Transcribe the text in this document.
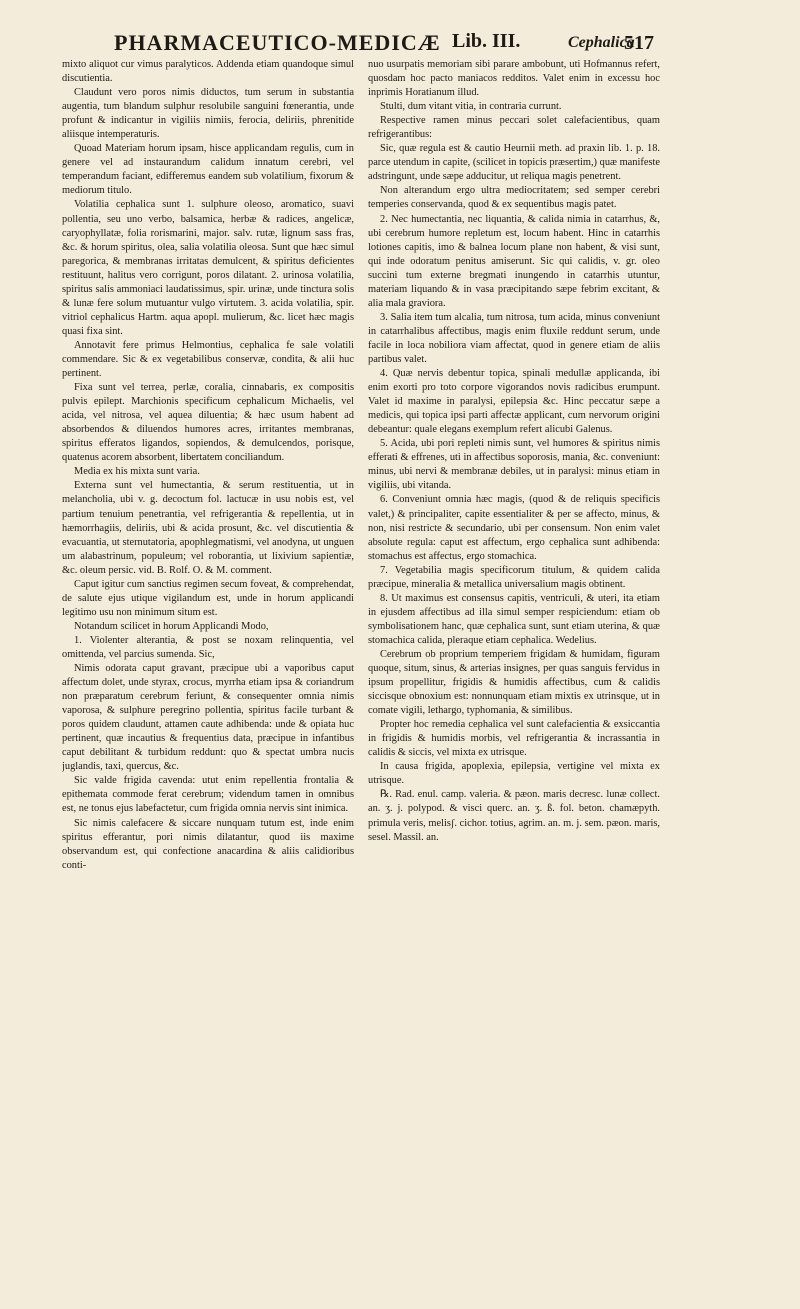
PHARMACEUTICO-MEDICÆ Lib. III.	Cephalica
517

mixto aliquot cur vimus paralyticos. Addenda etiam quandoque simul discutientia.

Claudunt vero poros nimis diductos, tum serum in substantia augentia, tum blandum sulphur resolubile sanguini fœnerantia, unde profunt & indicantur in vigiliis nimiis, ferocia, deliriis, phrenitide aliisque intemperaturis.

Quoad Materiam horum ipsam, hisce applicandam regulis, cum in genere vel ad instaurandum calidum innatum cerebri, vel temperandum faciant, edifferemus eandem sub volatilium, fixorum & mediorum titulo.

Volatilia cephalica sunt 1. sulphure oleoso, aromatico, suavi pollentia, seu uno verbo, balsamica, herbæ & radices, angelicæ, caryophyllatæ, folia rorismarini, major. salv. rutæ, lignum sass fras, &c. & horum spiritus, olea, salia volatilia oleosa. Sunt que hæc simul paregorica, & membranas irritatas demulcent, & spiritus deficientes restituunt, halitus vero corrigunt, poros dilatant. 2. urinosa volatilia, spiritus salis ammoniaci laudatissimus, spir. urinæ, unde tinctura solis & lunæ fere solum mutuantur vulgo virtutem. 3. acida volatilia, spir. vitriol cephalicus Hartm. aqua apopl. mulierum, &c. licet hæc magis quasi fixa sint.

Annotavit fere primus Helmontius, cephalica fe sale volatili commendare. Sic & ex vegetabilibus conservæ, condita, & alii huc pertinent.

Fixa sunt vel terrea, perlæ, coralia, cinnabaris, ex compositis pulvis epilept. Marchionis specificum cephalicum Michaelis, vel acida, vel nitrosa, vel aquea diluentia; & hæc usum habent ad absorbendos & diluendos humores acres, irritantes membranas, spiritus efferatos ligandos, sopiendos, & demulcendos, porisque, quatenus acorem absorbent, libertatem conciliandum.

Media ex his mixta sunt varia.

Externa sunt vel humectantia, & serum restituentia, ut in melancholia, ubi v. g. decoctum fol. lactucæ in usu nobis est, vel partium tenuium penetrantia, vel refrigerantia & repellentia, ut in hæmorrhagiis, deliriis, ubi & acida prosunt, &c. vel discutientia & evacuantia, ut sternutatoria, apophlegmatismi, vel anodyna, ut unguen um alabastrinum, populeum; vel roborantia, ut lixivium sapientiæ, &c. oleum persic. vid. B. Rolf. O. & M. comment.

Caput igitur cum sanctius regimen secum foveat, & comprehendat, de salute ejus utique vigilandum est, unde in horum applicandi legitimo usu non minimum situm est.

Notandum scilicet in horum Applicandi Modo,

1. Violenter alterantia, & post se noxam relinquentia, vel omittenda, vel parcius sumenda. Sic,

Nimis odorata caput gravant, præcipue ubi a vaporibus caput affectum dolet, unde styrax, crocus, myrrha etiam ipsa & coriandrum non præparatum cerebrum feriunt, & consequenter omnia nimis vaporosa, & sulphure peregrino pollentia, spiritus facile turbant & poros quidem claudunt, attamen caute adhibenda: unde & opiata huc pertinent, quæ incautius & frequentius data, præcipue in infantibus caput debilitant & turbidum reddunt: quo & spectat umbra nucis juglandis, taxi, quercus, &c.

Sic valde frigida cavenda: utut enim repellentia frontalia & epithemata commode ferat cerebrum; videndum tamen in omnibus est, ne tonus ejus labefactetur, cum frigida omnia nervis sint inimica.

Sic nimis calefacere & siccare nunquam tutum est, inde enim spiritus efferantur, pori nimis dilatantur, quod iis maxime observandum est, qui confectione anacardina & aliis calidioribus conti-

nuo usurpatis memoriam sibi parare ambobunt, uti Hofmannus refert, quosdam hoc pacto maniacos redditos. Valet enim in excessu hoc inprimis Horatianum illud.

Stulti, dum vitant vitia, in contraria currunt.

Respective ramen minus peccari solet calefacientibus, quam refrigerantibus:

Sic, quæ regula est & cautio Heurnii meth. ad praxin lib. 1. p. 18. parce utendum in capite, (scilicet in topicis præsertim,) quæ manifeste adstringunt, unde sæpe adducitur, ut reliqua magis penetrent.

Non alterandum ergo ultra mediocritatem; sed semper cerebri temperies conservanda, quod & ex sequentibus magis patet.

2. Nec humectantia, nec liquantia, & calida nimia in catarrhus, &, ubi cerebrum humore repletum est, locum habent. Hinc in catarrhis lotiones capitis, imo & balnea locum plane non habent, & visi sunt, qui inde odoratum penitus amiserunt. Sic qui calidis, v. gr. oleo succini tum externe bregmati inungendo in catarrhis utuntur, materiam liquando & in vasa præcipitando sæpe febrim excitant, & alia mala graviora.

3. Salia item tum alcalia, tum nitrosa, tum acida, minus conveniunt in catarrhalibus affectibus, magis enim fluxile reddunt serum, unde facile in loca nobiliora viam affectat, quod in genere etiam de aliis partibus valet.

4. Quæ nervis debentur topica, spinali medullæ applicanda, ibi enim exorti pro toto corpore vigorandos novis radicibus erumpunt. Valet id maxime in paralysi, epilepsia &c. Hinc peccatur sæpe a medicis, qui topica ipsi parti affectæ applicant, cum nervorum origini debeantur: quale elegans exemplum refert alicubi Galenus.

5. Acida, ubi pori repleti nimis sunt, vel humores & spiritus nimis efferati & effrenes, uti in affectibus soporosis, mania, &c. conveniunt: minus, ubi nervi & membranæ debiles, ut in paralysi: minus etiam in vigiliis, ubi vitanda.

6. Conveniunt omnia hæc magis, (quod & de reliquis specificis valet,) & principaliter, capite essentialiter & per se affecto, minus, & non, nisi restricte & secundario, ubi per consensum. Non enim valet absolute regula: caput est affectum, ergo cephalica sunt adhibenda: stomachus est affectus, ergo stomachica.

7. Vegetabilia magis specificorum titulum, & quidem calida præcipue, mineralia & metallica universalium magis obtinent.

8. Ut maximus est consensus capitis, ventriculi, & uteri, ita etiam in ejusdem affectibus ad illa simul semper respiciendum: etiam ob symbolisationem hanc, quæ cephalica sunt, sunt etiam uterina, & quæ stomachica calida, pleraque etiam cephalica. Wedelius.

Cerebrum ob proprium temperiem frigidam & humidam, figuram quoque, situm, sinus, & arterias insignes, per quas sanguis fervidus in ipsum propellitur, frigidis & humidis affectibus, cum & calidis siccisque obnoxium est: nonnunquam etiam mixtis ex utrinsque, ut in comate vigili, lethargo, typhomania, & similibus.

Propter hoc remedia cephalica vel sunt calefacientia & exsiccantia in frigidis & humidis morbis, vel refrigerantia & incrassantia in calidis & siccis, vel mixta ex utrisque.

In causa frigida, apoplexia, epilepsia, vertigine vel mixta ex utrisque.

℞. Rad. enul. camp. valeria. & pæon. maris decresc. lunæ collect. an. ʒ. j. polypod. & visci querc. an. ʒ. ß. fol. beton. chamæpyth. primula veris, melisʃ. cichor. totius, agrim. an. m. j. sem. pæon. maris, sesel. Massil. an.
